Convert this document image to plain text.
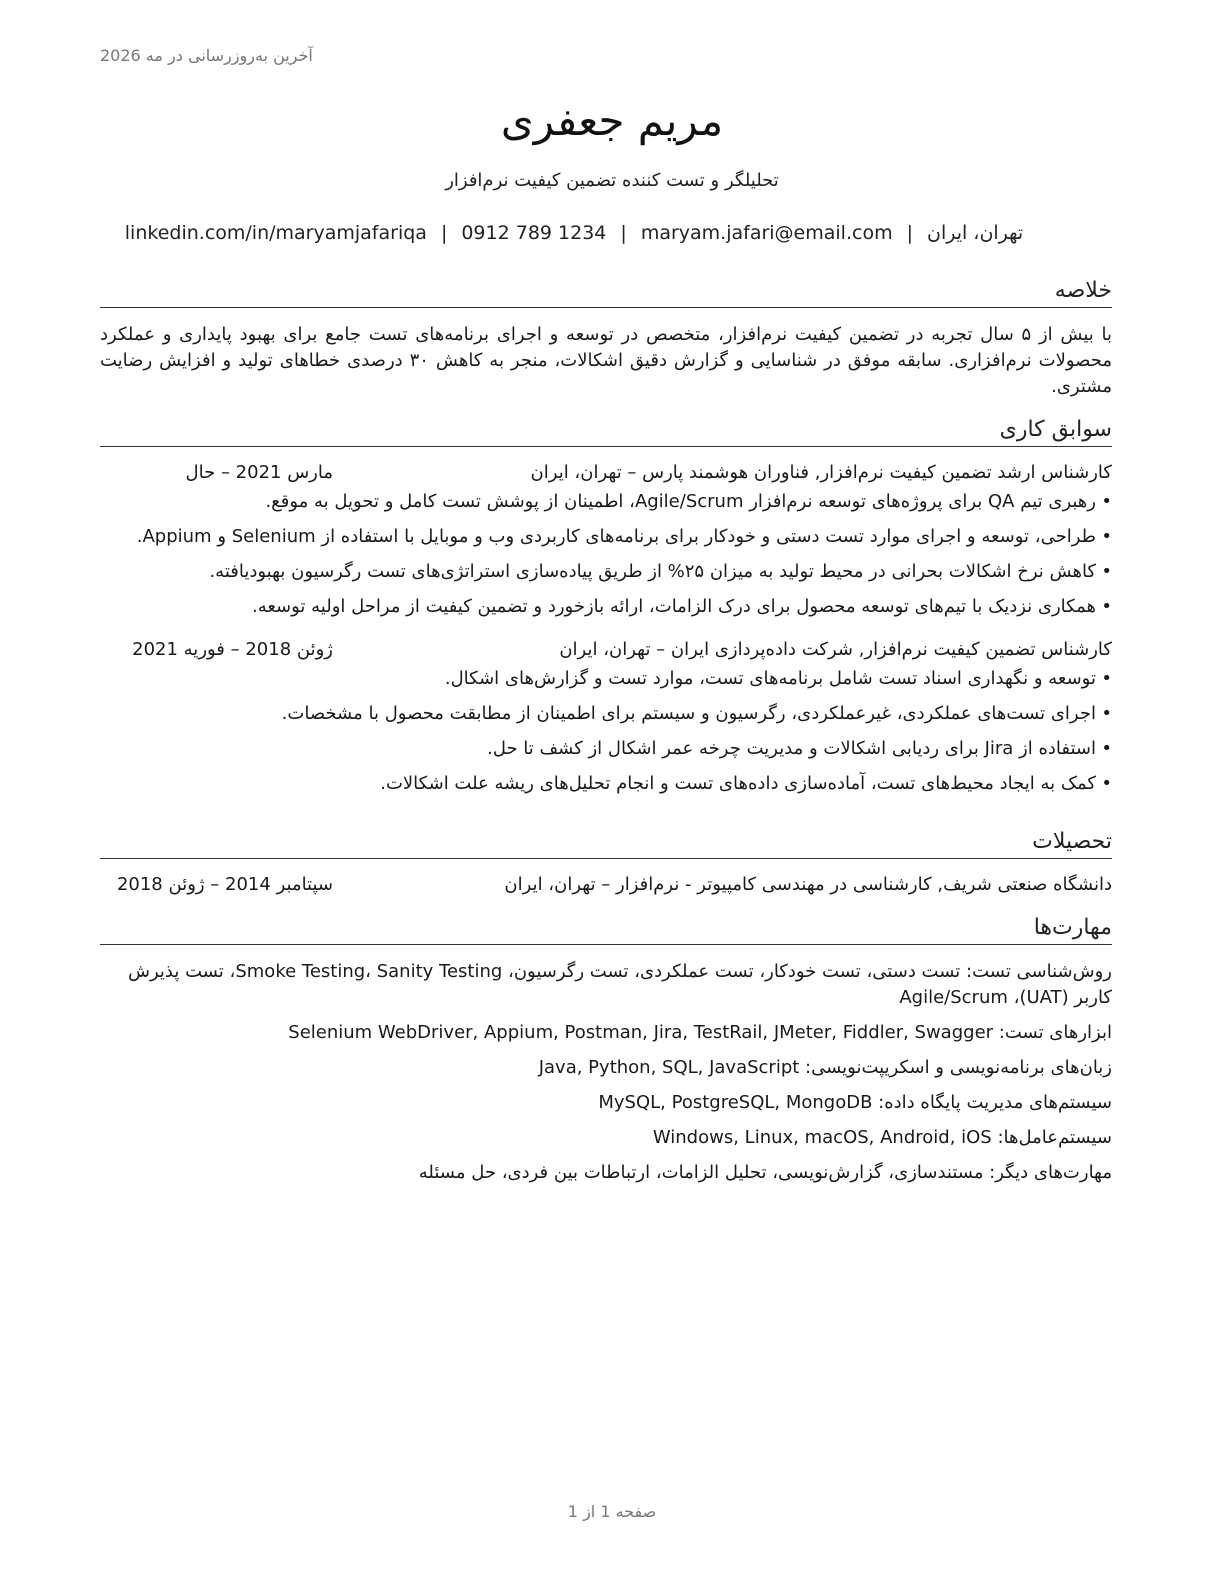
آخرین به‌روزرسانی در مه 2026
مریم جعفری
تحلیلگر و تست کننده تضمین کیفیت نرم‌افزار
تهران، ایران|maryam.jafari@email.com|0912 789 1234|linkedin.com/in/maryamjafariqa
خلاصه
با بیش از ۵ سال تجربه در تضمین کیفیت نرم‌افزار، متخصص در توسعه و اجرای برنامه‌های تست جامع برای بهبود پایداری و عملکرد محصولات نرم‌افزاری. سابقه موفق در شناسایی و گزارش دقیق اشکالات، منجر به کاهش ۳۰ درصدی خطاهای تولید و افزایش رضایت مشتری.
سوابق کاری
کارشناس ارشد تضمین کیفیت نرم‌افزار, فناوران هوشمند پارس – تهران، ایران
مارس 2021 – حال
• رهبری تیم QA برای پروژه‌های توسعه نرم‌افزار Agile/Scrum، اطمینان از پوشش تست کامل و تحویل به موقع.
• طراحی، توسعه و اجرای موارد تست دستی و خودکار برای برنامه‌های کاربردی وب و موبایل با استفاده از Selenium و Appium.
• کاهش نرخ اشکالات بحرانی در محیط تولید به میزان ۲۵% از طریق پیاده‌سازی استراتژی‌های تست رگرسیون بهبودیافته.
• همکاری نزدیک با تیم‌های توسعه محصول برای درک الزامات، ارائه بازخورد و تضمین کیفیت از مراحل اولیه توسعه.
کارشناس تضمین کیفیت نرم‌افزار, شرکت داده‌پردازی ایران – تهران، ایران
ژوئن 2018 – فوریه 2021
• توسعه و نگهداری اسناد تست شامل برنامه‌های تست، موارد تست و گزارش‌های اشکال.
• اجرای تست‌های عملکردی، غیرعملکردی، رگرسیون و سیستم برای اطمینان از مطابقت محصول با مشخصات.
• استفاده از Jira برای ردیابی اشکالات و مدیریت چرخه عمر اشکال از کشف تا حل.
• کمک به ایجاد محیط‌های تست، آماده‌سازی داده‌های تست و انجام تحلیل‌های ریشه علت اشکالات.
تحصیلات
دانشگاه صنعتی شریف, کارشناسی در مهندسی کامپیوتر - نرم‌افزار – تهران، ایران
سپتامبر 2014 – ژوئن 2018
مهارت‌ها
روش‌شناسی تست: تست دستی، تست خودکار، تست عملکردی، تست رگرسیون، Smoke Testing، Sanity Testing، تست پذیرش کاربر (UAT)، Agile/Scrum
ابزارهای تست: Selenium WebDriver, Appium, Postman, Jira, TestRail, JMeter, Fiddler, Swagger
زبان‌های برنامه‌نویسی و اسکریپت‌نویسی: Java, Python, SQL, JavaScript
سیستم‌های مدیریت پایگاه داده: MySQL, PostgreSQL, MongoDB
سیستم‌عامل‌ها: Windows, Linux, macOS, Android, iOS
مهارت‌های دیگر: مستندسازی، گزارش‌نویسی، تحلیل الزامات، ارتباطات بین فردی، حل مسئله
صفحه 1 از 1
